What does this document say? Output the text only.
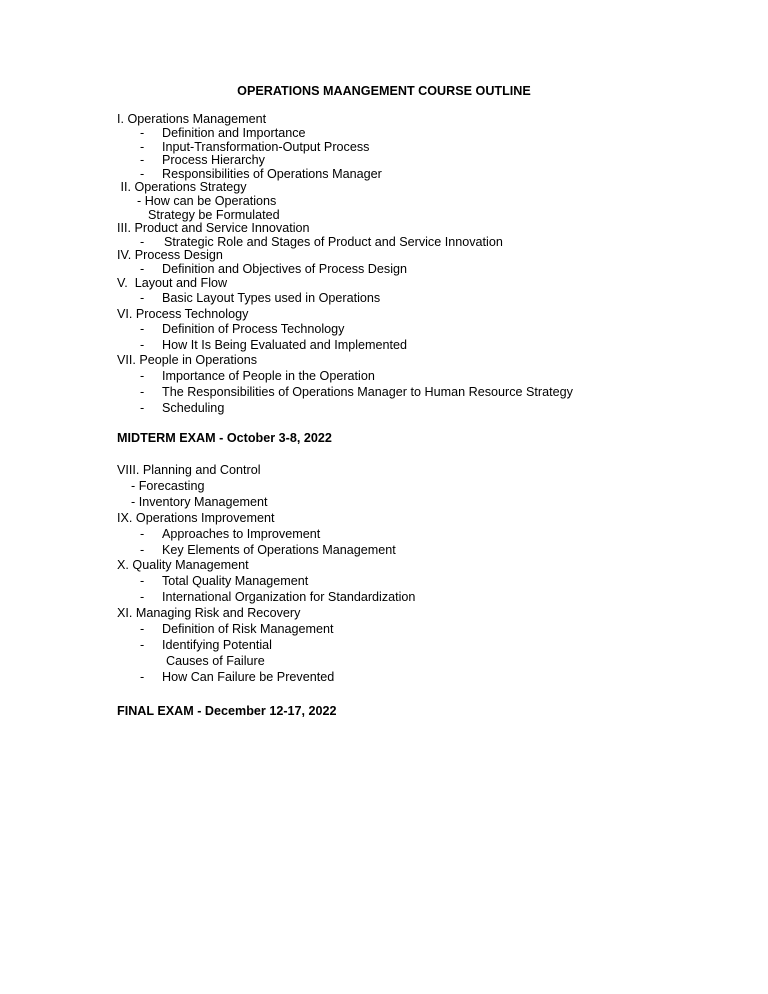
OPERATIONS MAANGEMENT COURSE OUTLINE
I. Operations Management
- Definition and Importance
- Input-Transformation-Output Process
- Process Hierarchy
- Responsibilities of Operations Manager
II. Operations Strategy
- How can be Operations
Strategy be Formulated
III. Product and Service Innovation
- Strategic Role and Stages of Product and Service Innovation
IV. Process Design
- Definition and Objectives of Process Design
V.  Layout and Flow
- Basic Layout Types used in Operations
VI. Process Technology
- Definition of Process Technology
- How It Is Being Evaluated and Implemented
VII. People in Operations
- Importance of People in the Operation
- The Responsibilities of Operations Manager to Human Resource Strategy
- Scheduling
MIDTERM EXAM - October 3-8, 2022
VIII. Planning and Control
- Forecasting
- Inventory Management
IX. Operations Improvement
- Approaches to Improvement
- Key Elements of Operations Management
X. Quality Management
- Total Quality Management
- International Organization for Standardization
XI. Managing Risk and Recovery
- Definition of Risk Management
- Identifying Potential
Causes of Failure
- How Can Failure be Prevented
FINAL EXAM - December 12-17, 2022
